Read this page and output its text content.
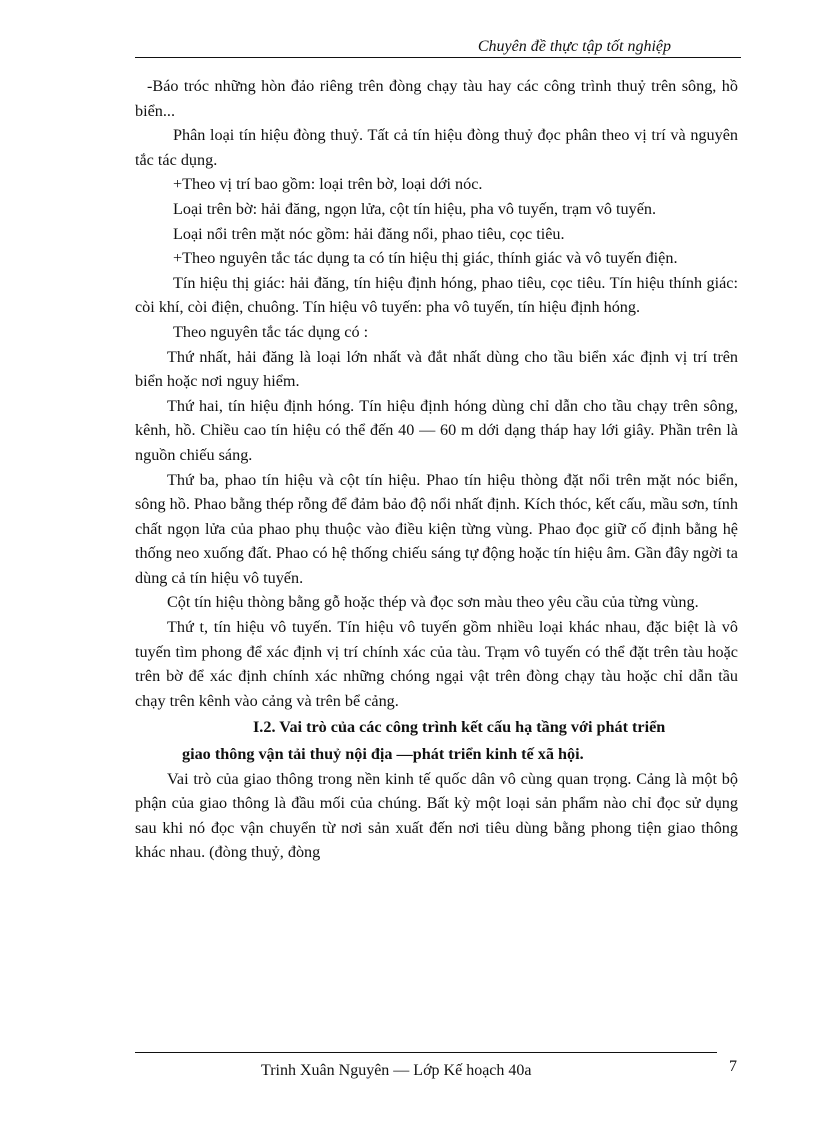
Chuyên đề thực tập tốt nghiệp

-Báo tróc những hòn đảo riêng trên đòng chạy tàu hay các công trình thuỷ trên sông, hồ biển...

Phân loại tín hiệu đòng thuỷ. Tất cả tín hiệu đòng thuỷ đọc phân theo vị trí và nguyên tắc tác dụng.

+Theo vị trí bao gồm: loại trên bờ, loại dới nóc.

Loại trên bờ: hải đăng, ngọn lửa, cột tín hiệu, pha vô tuyến, trạm vô tuyến.

Loại nổi trên mặt nóc gồm: hải đăng nổi, phao tiêu, cọc tiêu.

+Theo nguyên tắc tác dụng ta có tín hiệu thị giác, thính giác và vô tuyến điện.

Tín hiệu thị giác: hải đăng, tín hiệu định hóng, phao tiêu, cọc tiêu. Tín hiệu thính giác: còi khí, còi điện, chuông. Tín hiệu vô tuyến: pha vô tuyến, tín hiệu định hóng.

Theo nguyên tắc tác dụng có :

Thứ nhất, hải đăng là loại lớn nhất và đắt nhất dùng cho tầu biển xác định vị trí trên biển hoặc nơi nguy hiểm.

Thứ hai, tín hiệu định hóng. Tín hiệu định hóng dùng chỉ dẫn cho tầu chạy trên sông, kênh, hồ. Chiều cao tín hiệu có thể đến 40 — 60 m dới dạng tháp hay lới giây. Phần trên là nguồn chiếu sáng.

Thứ ba, phao tín hiệu và cột tín hiệu. Phao tín hiệu thòng đặt nổi trên mặt nóc biển, sông hồ. Phao bằng thép rỗng để đảm bảo độ nổi nhất định. Kích thóc, kết cấu, mầu sơn, tính chất ngọn lửa của phao phụ thuộc vào điều kiện từng vùng. Phao đọc giữ cố định bằng hệ thống neo xuống đất. Phao có hệ thống chiếu sáng tự động hoặc tín hiệu âm. Gần đây ngời ta dùng cả tín hiệu vô tuyến.

Cột tín hiệu thòng bằng gỗ hoặc thép và đọc sơn màu theo yêu cầu của từng vùng.

Thứ t, tín hiệu vô tuyến. Tín hiệu vô tuyến gồm nhiều loại khác nhau, đặc biệt là vô tuyến tìm phong để xác định vị trí chính xác của tàu. Trạm vô tuyến có thể đặt trên tàu hoặc trên bờ để xác định chính xác những chóng ngại vật trên đòng chạy tàu hoặc chỉ dẫn tầu chạy trên kênh vào cảng và trên bể cảng.

I.2. Vai trò của các công trình kết cấu hạ tầng với phát triển
giao thông vận tải thuỷ nội địa —phát triển kinh tế xã hội.

Vai trò của giao thông trong nền kinh tế quốc dân vô cùng quan trọng. Cảng là một bộ phận của giao thông là đầu mối của chúng. Bất kỳ một loại sản phẩm nào chỉ đọc sử dụng sau khi nó đọc vận chuyển từ nơi sản xuất đến nơi tiêu dùng bằng phong tiện giao thông khác nhau. (đòng thuỷ, đòng

Trinh Xuân Nguyên — Lớp Kế hoạch 40a	7
